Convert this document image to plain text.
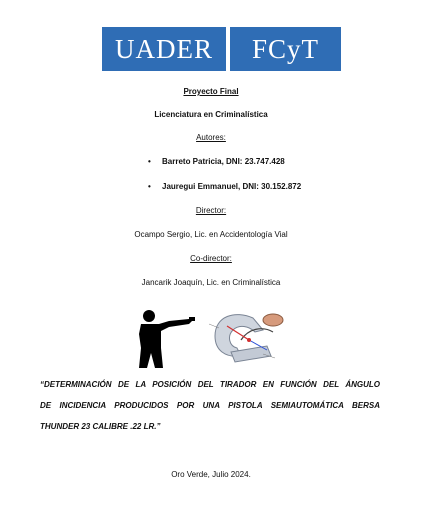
UADER	FCyT
Proyecto Final
Licenciatura en Criminalística
Autores:
• Barreto Patricia, DNI: 23.747.428
• Jauregui Emmanuel, DNI: 30.152.872
Director:
Ocampo Sergio, Lic. en Accidentología Vial
Co-director:
Jancarik Joaquín, Lic. en Criminalística
“DETERMINACIÓN DE LA POSICIÓN DEL TIRADOR EN FUNCIÓN DEL ÁNGULO
DE INCIDENCIA PRODUCIDOS POR UNA PISTOLA SEMIAUTOMÁTICA BERSA
THUNDER 23 CALIBRE .22 LR.”
Oro Verde, Julio 2024.
